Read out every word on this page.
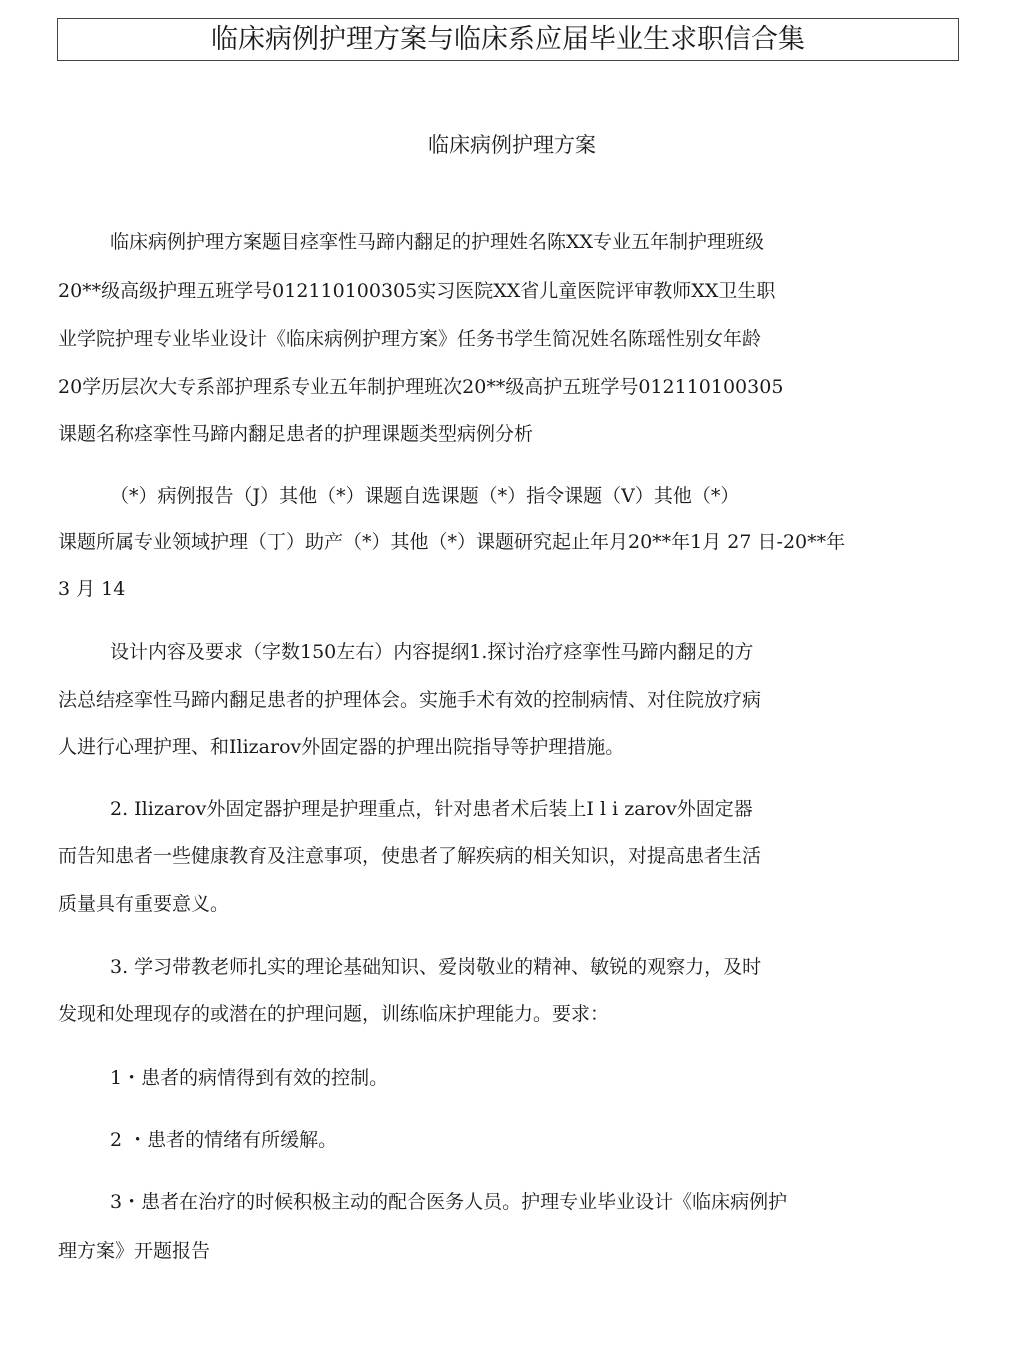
临床病例护理方案与临床系应届毕业生求职信合集
临床病例护理方案
临床病例护理方案题目痉挛性马蹄内翻足的护理姓名陈XX专业五年制护理班级
20**级高级护理五班学号012110100305实习医院XX省儿童医院评审教师XX卫生职
业学院护理专业毕业设计《临床病例护理方案》任务书学生简况姓名陈瑶性别女年龄
20学历层次大专系部护理系专业五年制护理班次20**级高护五班学号012110100305
课题名称痉挛性马蹄内翻足患者的护理课题类型病例分析
（*）病例报告（J）其他（*）课题自选课题（*）指令课题（V）其他（*）
课题所属专业领域护理（丁）助产（*）其他（*）课题研究起止年月20**年1月 27 日-20**年
3 月 14
设计内容及要求（字数150左右）内容提纲1.探讨治疗痉挛性马蹄内翻足的方
法总结痉挛性马蹄内翻足患者的护理体会。实施手术有效的控制病情、对住院放疗病
人进行心理护理、和Ilizarov外固定器的护理出院指导等护理措施。
2. Ilizarov外固定器护理是护理重点，针对患者术后装上I l i zarov外固定器
而告知患者一些健康教育及注意事项，使患者了解疾病的相关知识，对提高患者生活
质量具有重要意义。
3. 学习带教老师扎实的理论基础知识、爱岗敬业的精神、敏锐的观察力，及时
发现和处理现存的或潜在的护理问题，训练临床护理能力。要求：
1・患者的病情得到有效的控制。
2 ・患者的情绪有所缓解。
3・患者在治疗的时候积极主动的配合医务人员。护理专业毕业设计《临床病例护
理方案》开题报告
